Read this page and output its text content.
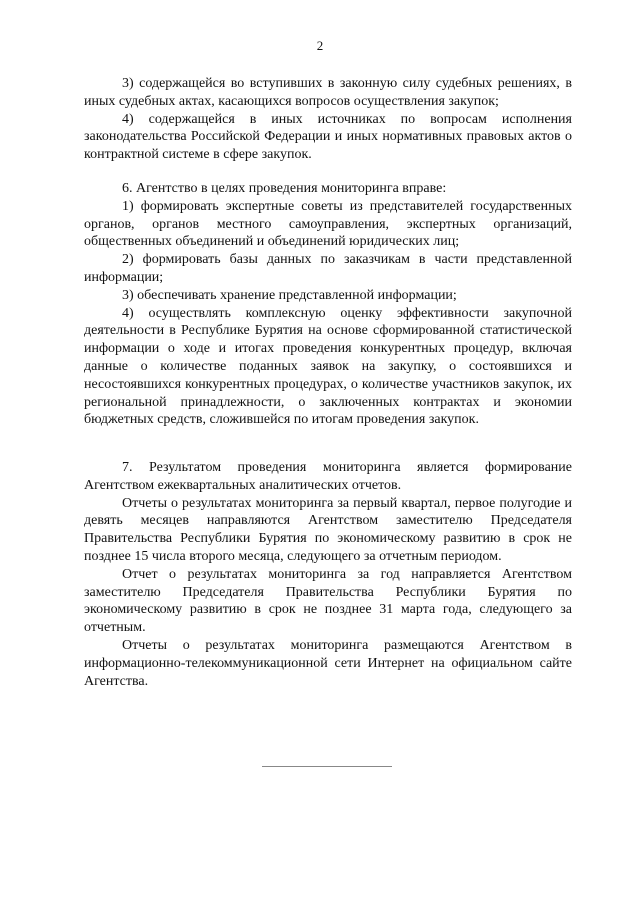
2

3) содержащейся во вступивших в законную силу судебных решениях, в иных судебных актах, касающихся вопросов осуществления закупок;

4) содержащейся в иных источниках по вопросам исполнения законодательства Российской Федерации и иных нормативных правовых актов о контрактной системе в сфере закупок.

6. Агентство в целях проведения мониторинга вправе:

1) формировать экспертные советы из представителей государственных органов, органов местного самоуправления, экспертных организаций, общественных объединений и объединений юридических лиц;

2) формировать базы данных по заказчикам в части представленной информации;

3) обеспечивать хранение представленной информации;

4) осуществлять комплексную оценку эффективности закупочной деятельности в Республике Бурятия на основе сформированной статистической информации о ходе и итогах проведения конкурентных процедур, включая данные о количестве поданных заявок на закупку, о состоявшихся и несостоявшихся конкурентных процедурах, о количестве участников закупок, их региональной принадлежности, о заключенных контрактах и экономии бюджетных средств, сложившейся по итогам проведения закупок.

7. Результатом проведения мониторинга является формирование Агентством ежеквартальных аналитических отчетов.

Отчеты о результатах мониторинга за первый квартал, первое полугодие и девять месяцев направляются Агентством заместителю Председателя Правительства Республики Бурятия по экономическому развитию в срок не позднее 15 числа второго месяца, следующего за отчетным периодом.

Отчет о результатах мониторинга за год направляется Агентством заместителю Председателя Правительства Республики Бурятия по экономическому развитию в срок не позднее 31 марта года, следующего за отчетным.

Отчеты о результатах мониторинга размещаются Агентством в информационно-телекоммуникационной сети Интернет на официальном сайте Агентства.
